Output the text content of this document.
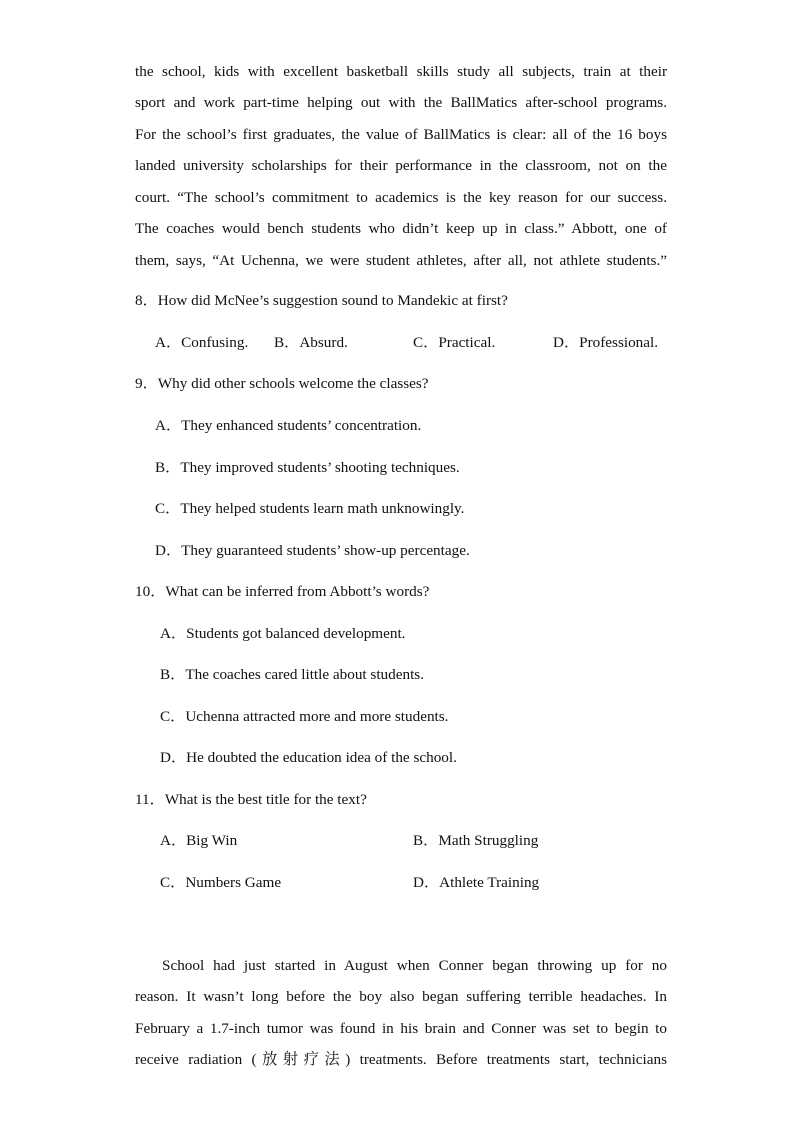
the school, kids with excellent basketball skills study all subjects, train at their
sport and work part-time helping out with the BallMatics after-school programs.
For the school’s first graduates, the value of BallMatics is clear: all of the 16 boys
landed university scholarships for their performance in the classroom, not on the
court. “The school’s commitment to academics is the key reason for our success.
The coaches would bench students who didn’t keep up in class.” Abbott, one of
them, says, “At Uchenna, we were student athletes, after all, not athlete students.”
8．How did McNee’s suggestion sound to Mandekic at first?
A．Confusing. B．Absurd.	C．Practical.	D．Professional.
9．Why did other schools welcome the classes?
A．They enhanced students’ concentration.
B．They improved students’ shooting techniques.
C．They helped students learn math unknowingly.
D．They guaranteed students’ show-up percentage.
10．What can be inferred from Abbott’s words?
A．Students got balanced development.
B．The coaches cared little about students.
C．Uchenna attracted more and more students.
D．He doubted the education idea of the school.
11．What is the best title for the text?
A．Big Win	B．Math Struggling
C．Numbers Game	D．Athlete Training
School had just started in August when Conner began throwing up for no
reason. It wasn’t long before the boy also began suffering terrible headaches. In
February a 1.7-inch tumor was found in his brain and Conner was set to begin to
receive radiation (放射疗法) treatments. Before treatments start, technicians
